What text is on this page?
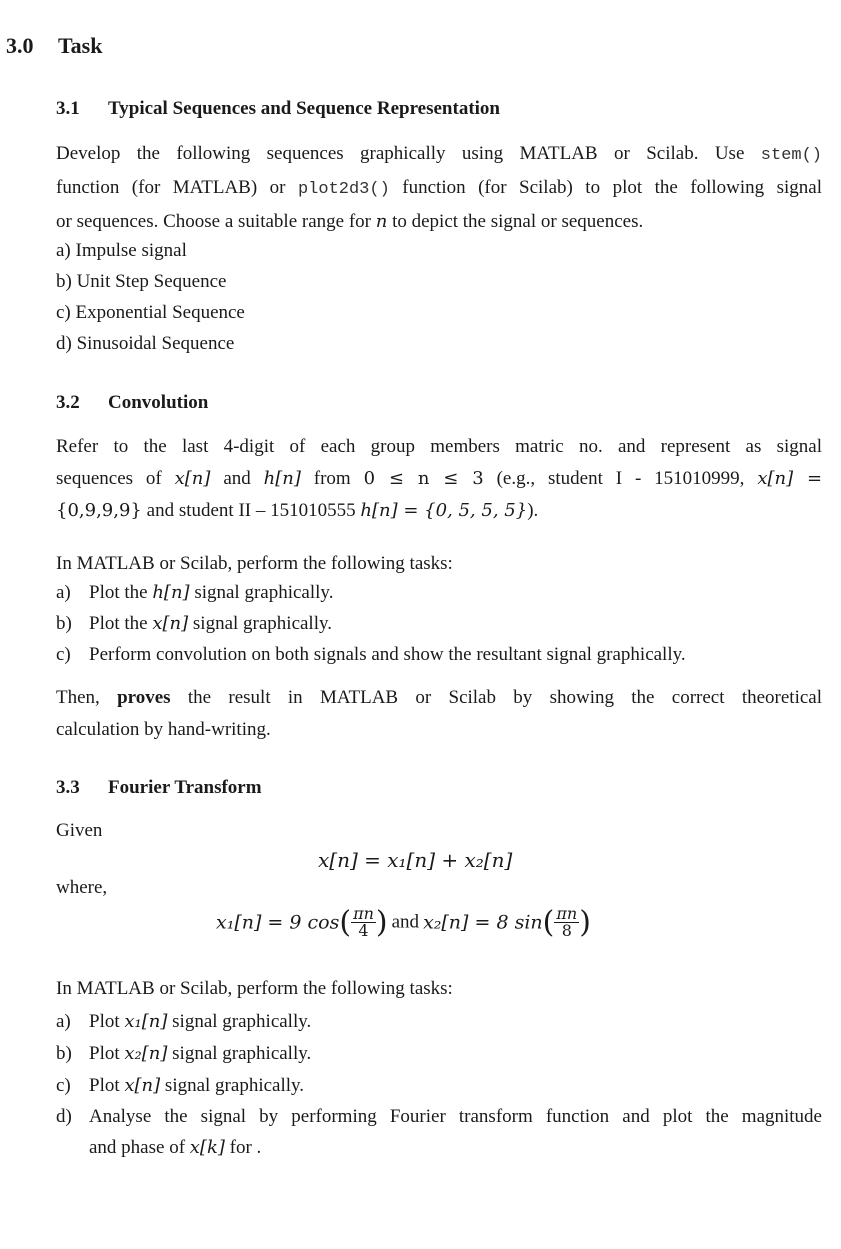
3.0 Task
3.1 Typical Sequences and Sequence Representation
Develop the following sequences graphically using MATLAB or Scilab. Use stem()
function (for MATLAB) or plot2d3() function (for Scilab) to plot the following signal
or sequences. Choose a suitable range for n to depict the signal or sequences.
a) Impulse signal
b) Unit Step Sequence
c) Exponential Sequence
d) Sinusoidal Sequence
3.2 Convolution
Refer to the last 4-digit of each group members matric no. and represent as signal
sequences of x[n] and h[n] from 0 ≤ n ≤ 3 (e.g., student I - 151010999, x[n] =
{0,9,9,9} and student II – 151010555 h[n] = {0, 5, 5, 5}).
In MATLAB or Scilab, perform the following tasks:
a) Plot the h[n] signal graphically.
b) Plot the x[n] signal graphically.
c) Perform convolution on both signals and show the resultant signal graphically.
Then, proves the result in MATLAB or Scilab by showing the correct theoretical
calculation by hand-writing.
3.3 Fourier Transform
Given
x[n] = x₁[n] + x₂[n]
where,
x₁[n] = 9 $\cos( \frac{\pi n}{4}$ ) and x₂[n] = 8 $\sin( \frac{\pi n}{8}$ )
In MATLAB or Scilab, perform the following tasks:
a) Plot x₁[n] signal graphically.
b) Plot x₂[n] signal graphically.
c) Plot x[n] signal graphically.
d) Analyse the signal by performing Fourier transform function and plot the magnitude
and phase of x[k] for .
